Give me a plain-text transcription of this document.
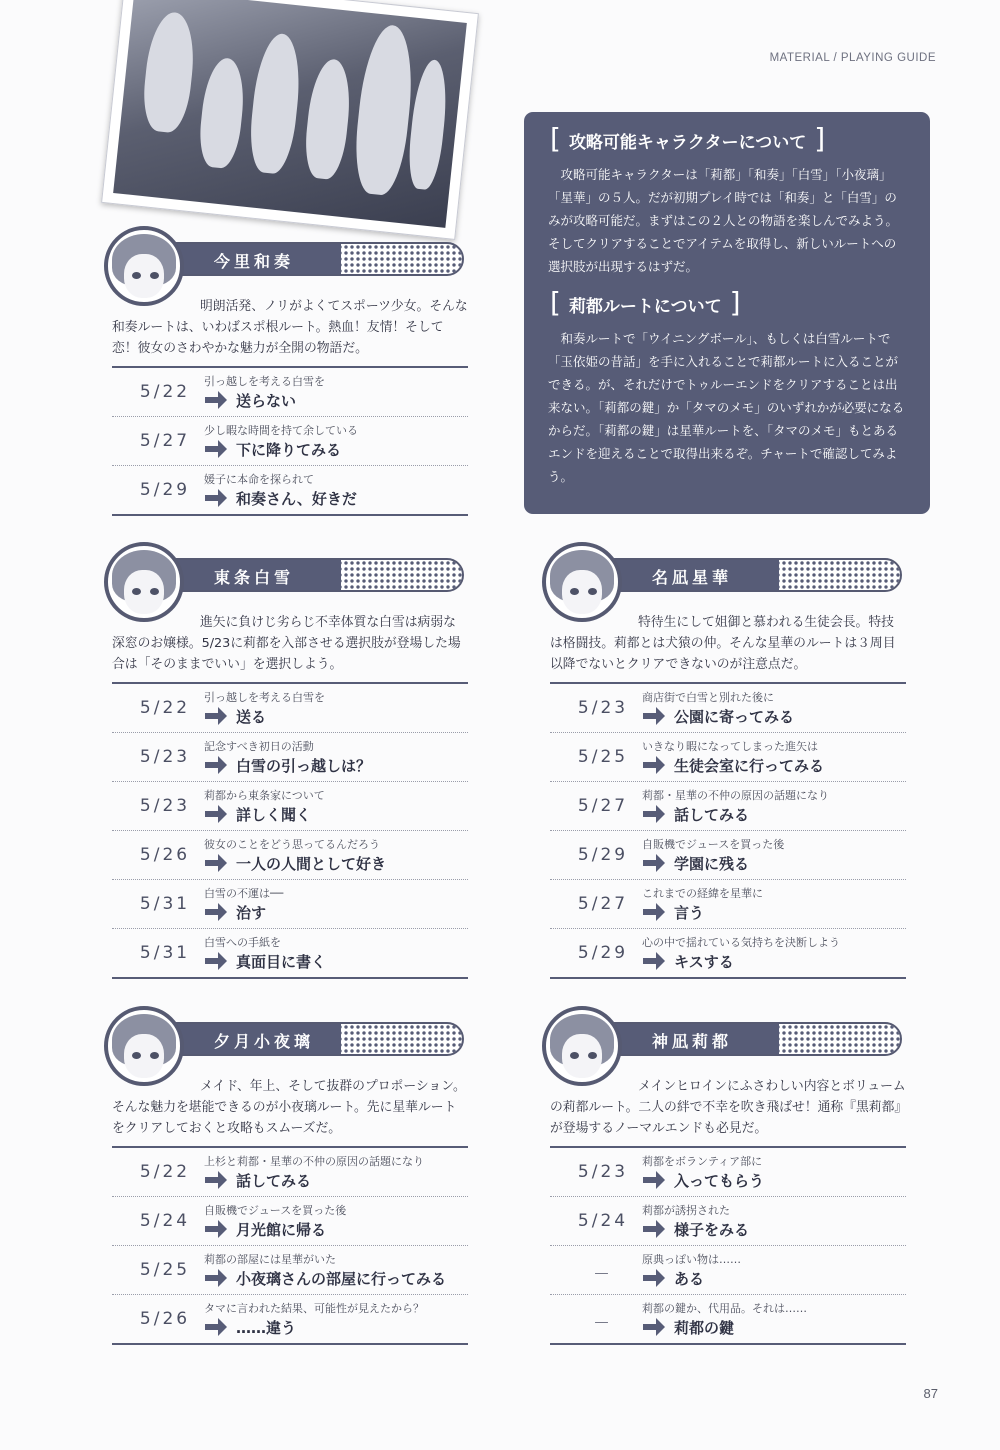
MATERIAL / PLAYING GUIDE
[ 攻略可能キャラクターについて ]
攻略可能キャラクターは「莉都」「和奏」「白雪」「小夜璃」「星華」の５人。だが初期プレイ時では「和奏」と「白雪」のみが攻略可能だ。まずはこの２人との物語を楽しんでみよう。そしてクリアすることでアイテムを取得し、新しいルートへの選択肢が出現するはずだ。
[ 莉都ルートについて ]
和奏ルートで「ウイニングボール」、もしくは白雪ルートで「玉依姫の昔話」を手に入れることで莉都ルートに入ることができる。が、それだけでトゥルーエンドをクリアすることは出来ない。「莉都の鍵」か「タマのメモ」のいずれかが必要になるからだ。「莉都の鍵」は星華ルートを、「タマのメモ」もとあるエンドを迎えることで取得出来るぞ。チャートで確認してみよう。
今里和奏
明朗活発、ノリがよくてスポーツ少女。そんな和奏ルートは、いわばスポ根ルート。熱血！友情！そして恋！彼女のさわやかな魅力が全開の物語だ。
5/22
引っ越しを考える白雪を
送らない
5/27
少し暇な時間を持て余している
下に降りてみる
5/29
媛子に本命を探られて
和奏さん、好きだ
東条白雪
進矢に負けじ劣らじ不幸体質な白雪は病弱な深窓のお嬢様。5/23に莉都を入部させる選択肢が登場した場合は「そのままでいい」を選択しよう。
5/22
引っ越しを考える白雪を
送る
5/23
記念すべき初日の活動
白雪の引っ越しは？
5/23
莉都から東条家について
詳しく聞く
5/26
彼女のことをどう思ってるんだろう
一人の人間として好き
5/31
白雪の不運は──
治す
5/31
白雪への手紙を
真面目に書く
夕月小夜璃
メイド、年上、そして抜群のプロポーション。そんな魅力を堪能できるのが小夜璃ルート。先に星華ルートをクリアしておくと攻略もスムーズだ。
5/22
上杉と莉都・星華の不仲の原因の話題になり
話してみる
5/24
自販機でジュースを買った後
月光館に帰る
5/25
莉都の部屋には星華がいた
小夜璃さんの部屋に行ってみる
5/26
タマに言われた結果、可能性が見えたから？
……違う
名凪星華
特待生にして姐御と慕われる生徒会長。特技は格闘技。莉都とは犬猿の仲。そんな星華のルートは３周目以降でないとクリアできないのが注意点だ。
5/23
商店街で白雪と別れた後に
公園に寄ってみる
5/25
いきなり暇になってしまった進矢は
生徒会室に行ってみる
5/27
莉都・星華の不仲の原因の話題になり
話してみる
5/29
自販機でジュースを買った後
学園に残る
5/27
これまでの経緯を星華に
言う
5/29
心の中で揺れている気持ちを決断しよう
キスする
神凪莉都
メインヒロインにふさわしい内容とボリュームの莉都ルート。二人の絆で不幸を吹き飛ばせ！通称『黒莉都』が登場するノーマルエンドも必見だ。
5/23
莉都をボランティア部に
入ってもらう
5/24
莉都が誘拐された
様子をみる
－
原典っぽい物は……
ある
－
莉都の鍵か、代用品。それは……
莉都の鍵
87
